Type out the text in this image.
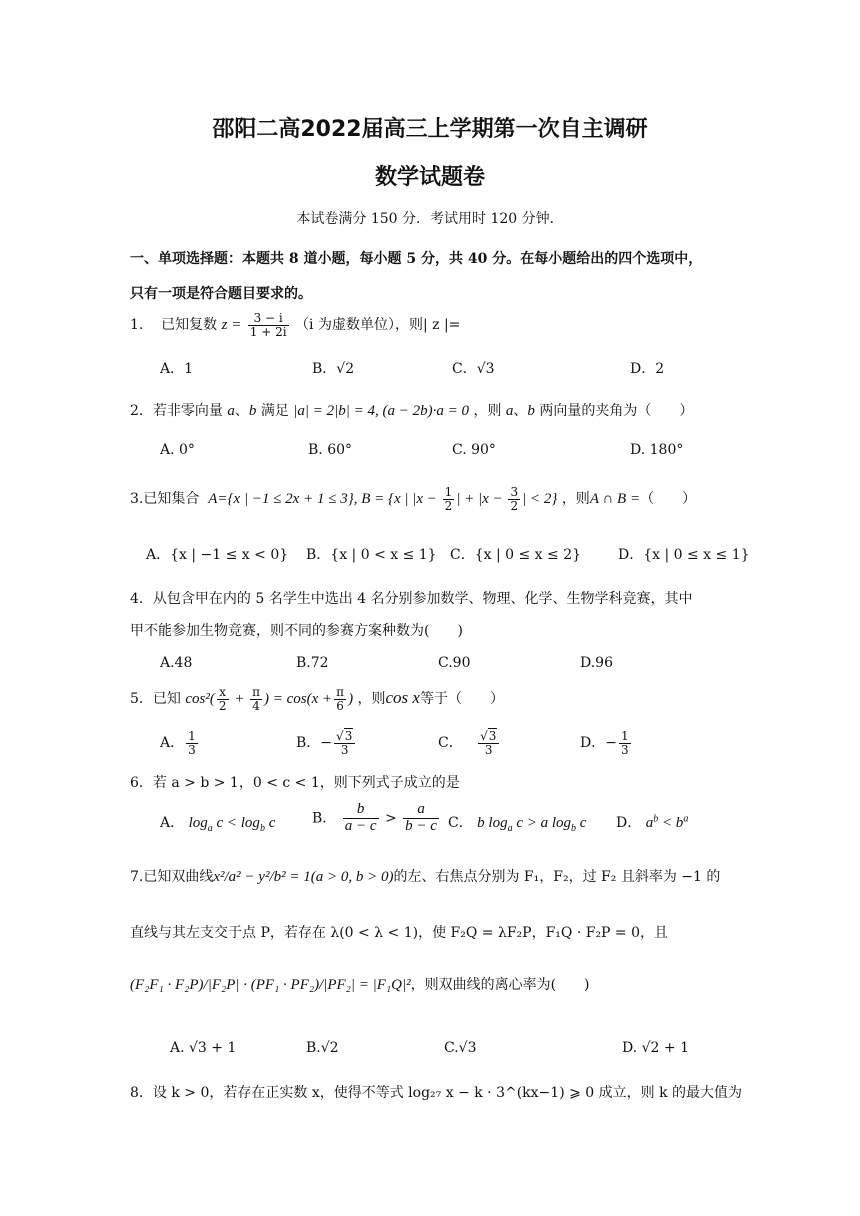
邵阳二高2022届高三上学期第一次自主调研
数学试题卷
本试卷满分 150 分．考试用时 120 分钟．
一、单项选择题：本题共 8 道小题，每小题 5 分，共 40 分。在每小题给出的四个选项中，
只有一项是符合题目要求的。
1. 已知复数 $z = \frac{3 - i}{1 + 2i} (i$ 为虚数单位），则| z |=
A．1	B．√2	C．√3	D．2
2．若非零向量 a、b 满足 |a| = 2|b| = 4, (a − 2b)·a = 0 ，则 a、b 两向量的夹角为（　　）
A. 0°	B. 60°	C. 90°	D. 180°
3.已知集合 A={x | −1 ≤ 2x + 1 ≤ 3}, B = {x | $|x - \frac{1}{2}$ | + $|x - \frac{3}{2}$ | < 2} ，则A ∩ B =（　　）
A．{x | −1 ≤ x < 0} B．{x | 0 < x ≤ 1} C．{x | 0 ≤ x ≤ 2}	D．{x | 0 ≤ x ≤ 1}
4．从包含甲在内的 5 名学生中选出 4 名分别参加数学、物理、化学、生物学科竞赛，其中
甲不能参加生物竞赛，则不同的参赛方案种数为(　　)
A.48	B.72	C.90	D.96
5．已知 $\cos^2( \frac{x}{2} + \frac{\pi}{4}$ ) = $\cos(x + \frac{\pi}{6}$ ) ，则cos x等于（　　）
A． $\frac{1}{3}$	B．− $\frac{√3}{3}$	C． $\frac{√3}{3}$	D．− $\frac{1}{3}$
6．若 a > b > 1，0 < c < 1，则下列式子成立的是
A． $\log_a c < \log_b c$	B． $\frac{b}{a - c} > \frac{a}{b - c}$ C． b $\log_a c > a$ $\log_b c$ D． $a^b < b^a$
7.已知双曲线x²/a² − y²/b² = 1(a > 0, b > 0)的左、右焦点分别为 F₁，F₂，过 F₂ 且斜率为 −1 的
直线与其左支交于点 P，若存在 λ(0 < λ < 1)，使 F₂Q = λF₂P，F₁Q · F₂P = 0，且
(F₂F₁ · F₂P)/|F₂P| · (PF₁ · PF₂)/|PF₂| = |F₁Q|²，则双曲线的离心率为(　　)
A. √3 + 1	B.√2	C.√3	D. √2 + 1
8．设 k > 0，若存在正实数 x，使得不等式 log₂₇ x − k · 3^(kx−1) ⩾ 0 成立，则 k 的最大值为
